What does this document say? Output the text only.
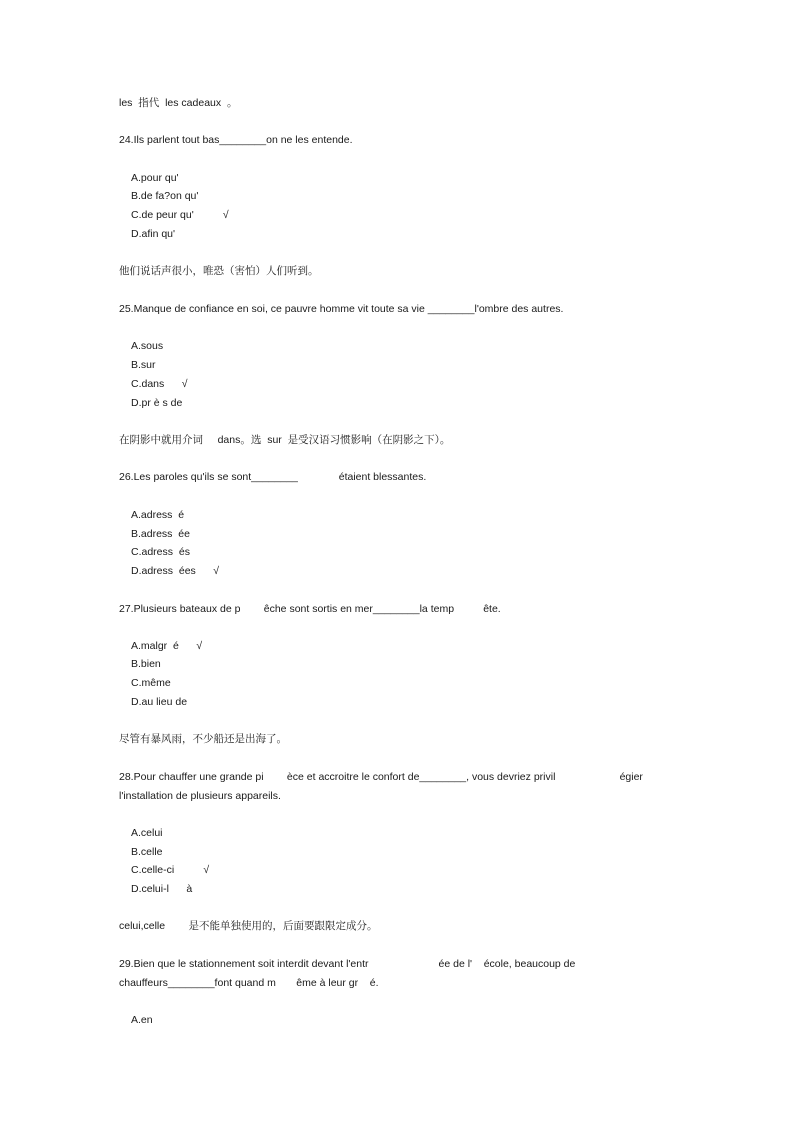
les  指代  les cadeaux  。
24.Ils parlent tout bas________on ne les entende.
A.pour qu'
B.de fa?on qu'
C.de peur qu'          √
D.afin qu'
他们说话声很小，唯恐（害怕）人们听到。
25.Manque de confiance en soi, ce pauvre homme vit toute sa vie ________l'ombre des autres.
A.sous
B.sur
C.dans      √
D.pr è s de
在阴影中就用介词     dans。选  sur  是受汉语习惯影响（在阴影之下）。
26.Les paroles qu'ils se sont________              étaient blessantes.
A.adress  é
B.adress  ée
C.adress  és
D.adress  ées      √
27.Plusieurs bateaux de p        êche sont sortis en mer________la temp          ête.
A.malgr  é      √
B.bien
C.même
D.au lieu de
尽管有暴风雨，不少船还是出海了。
28.Pour chauffer une grande pi        èce et accroitre le confort de________, vous devriez privil                      égier
l'installation de plusieurs appareils.
A.celui
B.celle
C.celle-ci          √
D.celui-l      à
celui,celle        是不能单独使用的，后面要跟限定成分。
29.Bien que le stationnement soit interdit devant l'entr                        ée de l'    école, beaucoup de
chauffeurs________font quand m       ême à leur gr    é.
A.en
